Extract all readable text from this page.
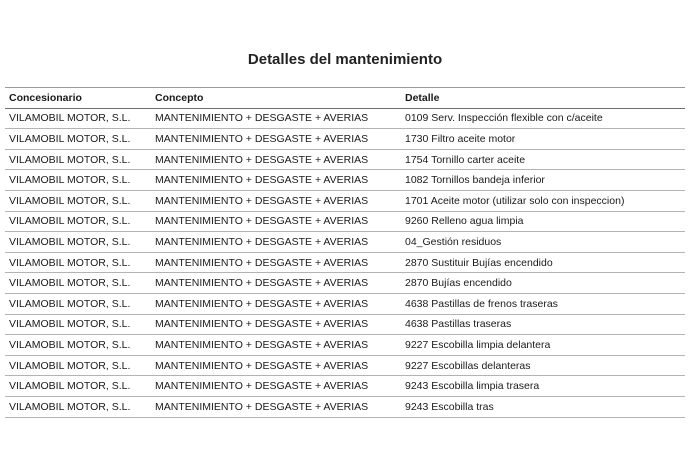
Detalles del mantenimiento
Concesionario	Concepto	Detalle
VILAMOBIL MOTOR, S.L.	MANTENIMIENTO + DESGASTE + AVERIAS	0109 Serv. Inspección flexible con c/aceite
VILAMOBIL MOTOR, S.L.	MANTENIMIENTO + DESGASTE + AVERIAS	1730 Filtro aceite motor
VILAMOBIL MOTOR, S.L.	MANTENIMIENTO + DESGASTE + AVERIAS	1754 Tornillo carter aceite
VILAMOBIL MOTOR, S.L.	MANTENIMIENTO + DESGASTE + AVERIAS	1082 Tornillos bandeja inferior
VILAMOBIL MOTOR, S.L.	MANTENIMIENTO + DESGASTE + AVERIAS	1701 Aceite motor (utilizar solo con inspeccion)
VILAMOBIL MOTOR, S.L.	MANTENIMIENTO + DESGASTE + AVERIAS	9260 Relleno agua limpia
VILAMOBIL MOTOR, S.L.	MANTENIMIENTO + DESGASTE + AVERIAS	04_Gestión residuos
VILAMOBIL MOTOR, S.L.	MANTENIMIENTO + DESGASTE + AVERIAS	2870 Sustituir Bujías encendido
VILAMOBIL MOTOR, S.L.	MANTENIMIENTO + DESGASTE + AVERIAS	2870 Bujías encendido
VILAMOBIL MOTOR, S.L.	MANTENIMIENTO + DESGASTE + AVERIAS	4638 Pastillas de frenos traseras
VILAMOBIL MOTOR, S.L.	MANTENIMIENTO + DESGASTE + AVERIAS	4638 Pastillas traseras
VILAMOBIL MOTOR, S.L.	MANTENIMIENTO + DESGASTE + AVERIAS	9227 Escobilla limpia delantera
VILAMOBIL MOTOR, S.L.	MANTENIMIENTO + DESGASTE + AVERIAS	9227 Escobillas delanteras
VILAMOBIL MOTOR, S.L.	MANTENIMIENTO + DESGASTE + AVERIAS	9243 Escobilla limpia trasera
VILAMOBIL MOTOR, S.L.	MANTENIMIENTO + DESGASTE + AVERIAS	9243 Escobilla tras
